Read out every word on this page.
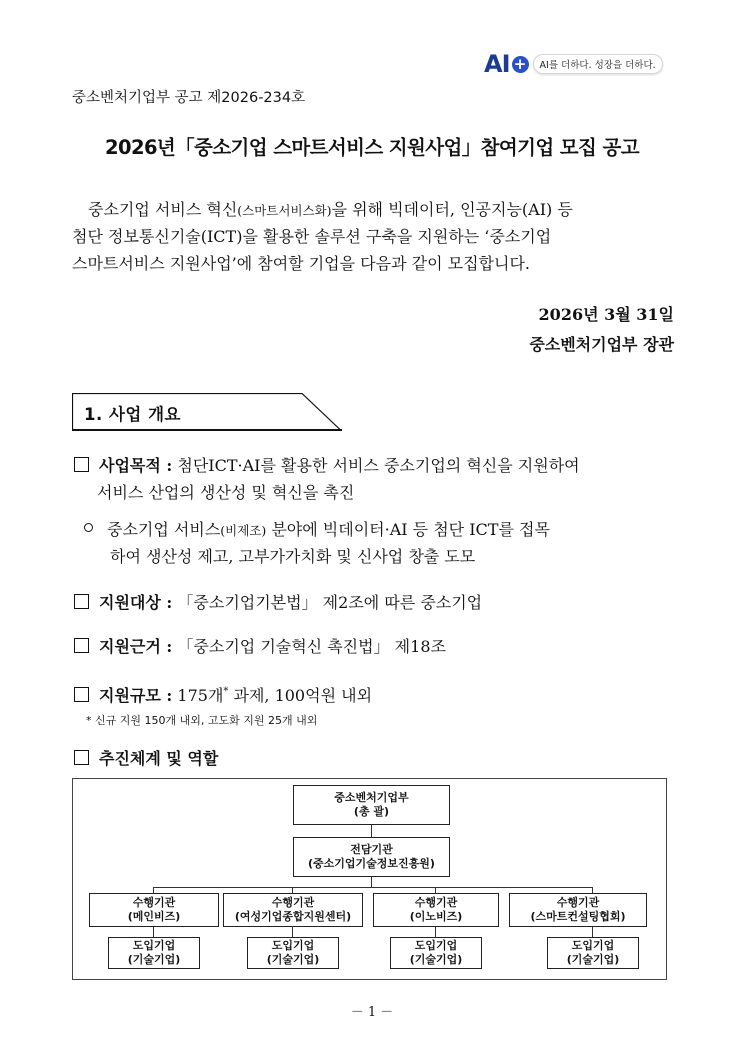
AI +	AI를 더하다. 성장을 더하다.
중소벤처기업부 공고 제2026-234호
2026년「중소기업 스마트서비스 지원사업」참여기업 모집 공고
중소기업 서비스 혁신(스마트서비스화)을 위해 빅데이터, 인공지능(AI) 등
첨단 정보통신기술(ICT)을 활용한 솔루션 구축을 지원하는 ‘중소기업
스마트서비스 지원사업’에 참여할 기업을 다음과 같이 모집합니다.
2026년 3월 31일
중소벤처기업부 장관
1. 사업 개요
사업목적 : 첨단ICT·AI를 활용한 서비스 중소기업의 혁신을 지원하여
서비스 산업의 생산성 및 혁신을 촉진
중소기업 서비스(비제조) 분야에 빅데이터·AI 등 첨단 ICT를 접목
하여 생산성 제고, 고부가가치화 및 신사업 창출 도모
지원대상 : 「중소기업기본법」 제2조에 따른 중소기업
지원근거 : 「중소기업 기술혁신 촉진법」 제18조
지원규모 : 175개* 과제, 100억원 내외
* 신규 지원 150개 내외, 고도화 지원 25개 내외
추진체계 및 역할
중소벤처기업부
(총 괄)
전담기관
(중소기업기술정보진흥원)
수행기관
(메인비즈)
수행기관
(여성기업종합지원센터)
수행기관
(이노비즈)
수행기관
(스마트컨설팅협회)
도입기업
(기술기업)
도입기업
(기술기업)
도입기업
(기술기업)
도입기업
(기술기업)
－ 1 －
